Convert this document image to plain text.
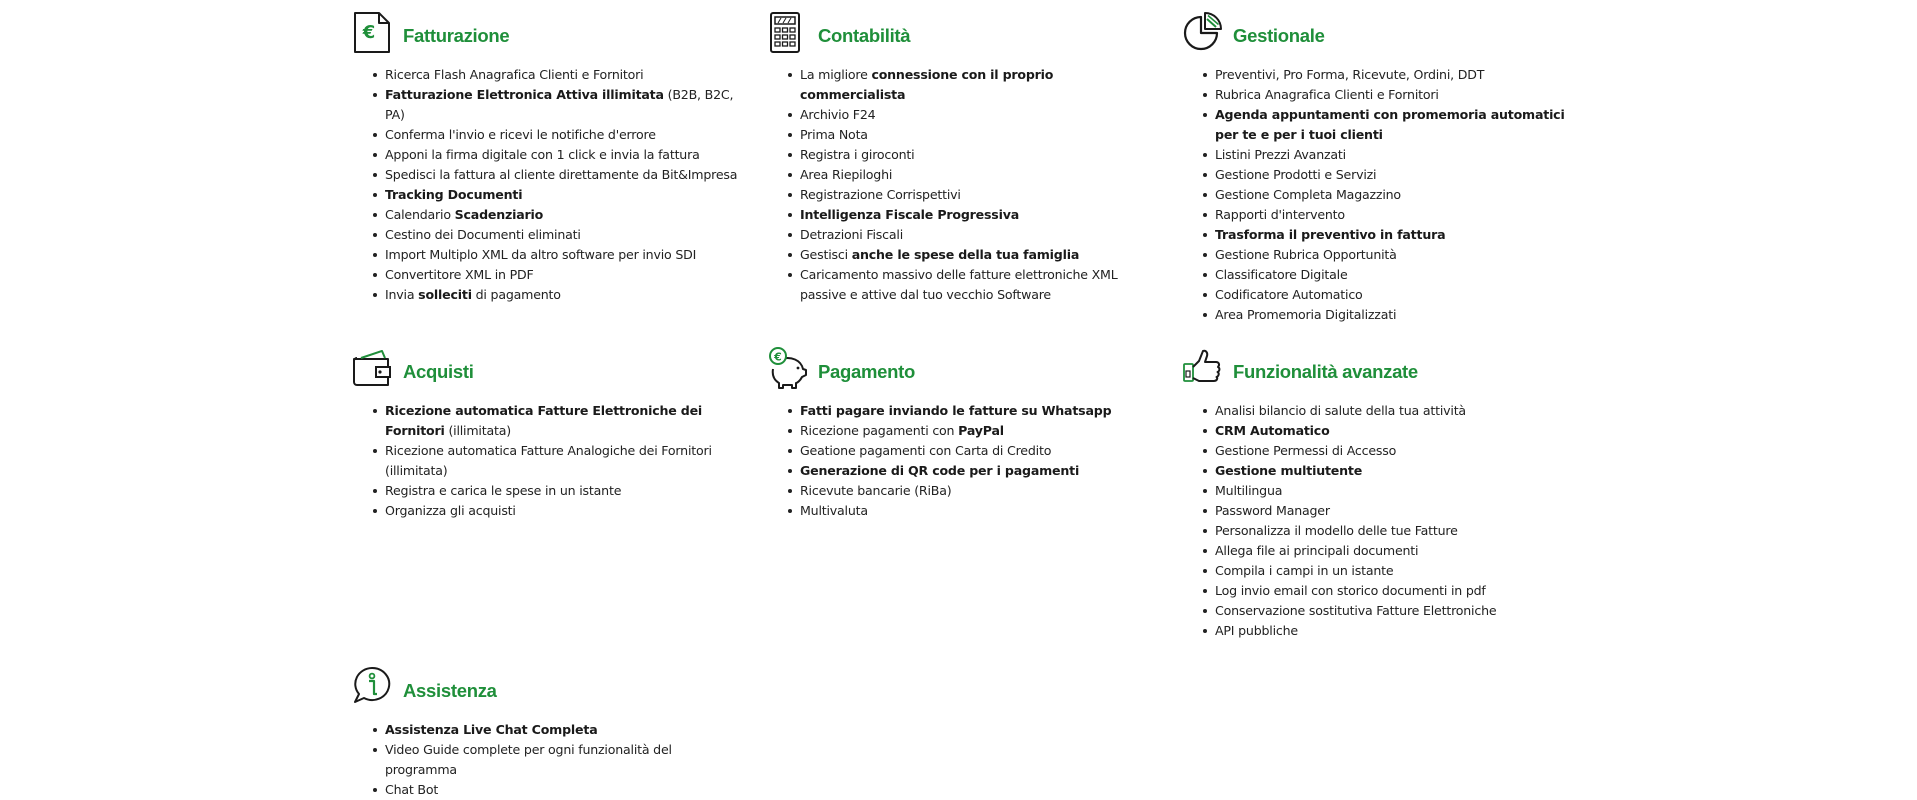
€ Fatturazione
Ricerca Flash Anagrafica Clienti e Fornitori
Fatturazione Elettronica Attiva illimitata (B2B, B2C, PA)
Conferma l'invio e ricevi le notifiche d'errore
Apponi la firma digitale con 1 click e invia la fattura
Spedisci la fattura al cliente direttamente da Bit&Impresa
Tracking Documenti
Calendario Scadenziario
Cestino dei Documenti eliminati
Import Multiplo XML da altro software per invio SDI
Convertitore XML in PDF
Invia solleciti di pagamento
Contabilità
La migliore connessione con il proprio commercialista
Archivio F24
Prima Nota
Registra i giroconti
Area Riepiloghi
Registrazione Corrispettivi
Intelligenza Fiscale Progressiva
Detrazioni Fiscali
Gestisci anche le spese della tua famiglia
Caricamento massivo delle fatture elettroniche XML passive e attive dal tuo vecchio Software
Gestionale
Preventivi, Pro Forma, Ricevute, Ordini, DDT
Rubrica Anagrafica Clienti e Fornitori
Agenda appuntamenti con promemoria automatici per te e per i tuoi clienti
Listini Prezzi Avanzati
Gestione Prodotti e Servizi
Gestione Completa Magazzino
Rapporti d'intervento
Trasforma il preventivo in fattura
Gestione Rubrica Opportunità
Classificatore Digitale
Codificatore Automatico
Area Promemoria Digitalizzati
Acquisti
Ricezione automatica Fatture Elettroniche dei Fornitori (illimitata)
Ricezione automatica Fatture Analogiche dei Fornitori (illimitata)
Registra e carica le spese in un istante
Organizza gli acquisti
€
Pagamento
Fatti pagare inviando le fatture su Whatsapp
Ricezione pagamenti con PayPal
Geatione pagamenti con Carta di Credito
Generazione di QR code per i pagamenti
Ricevute bancarie (RiBa)
Multivaluta
Funzionalità avanzate
Analisi bilancio di salute della tua attività
CRM Automatico
Gestione Permessi di Accesso
Gestione multiutente
Multilingua
Password Manager
Personalizza il modello delle tue Fatture
Allega file ai principali documenti
Compila i campi in un istante
Log invio email con storico documenti in pdf
Conservazione sostitutiva Fatture Elettroniche
API pubbliche
Assistenza
Assistenza Live Chat Completa
Video Guide complete per ogni funzionalità del programma
Chat Bot
